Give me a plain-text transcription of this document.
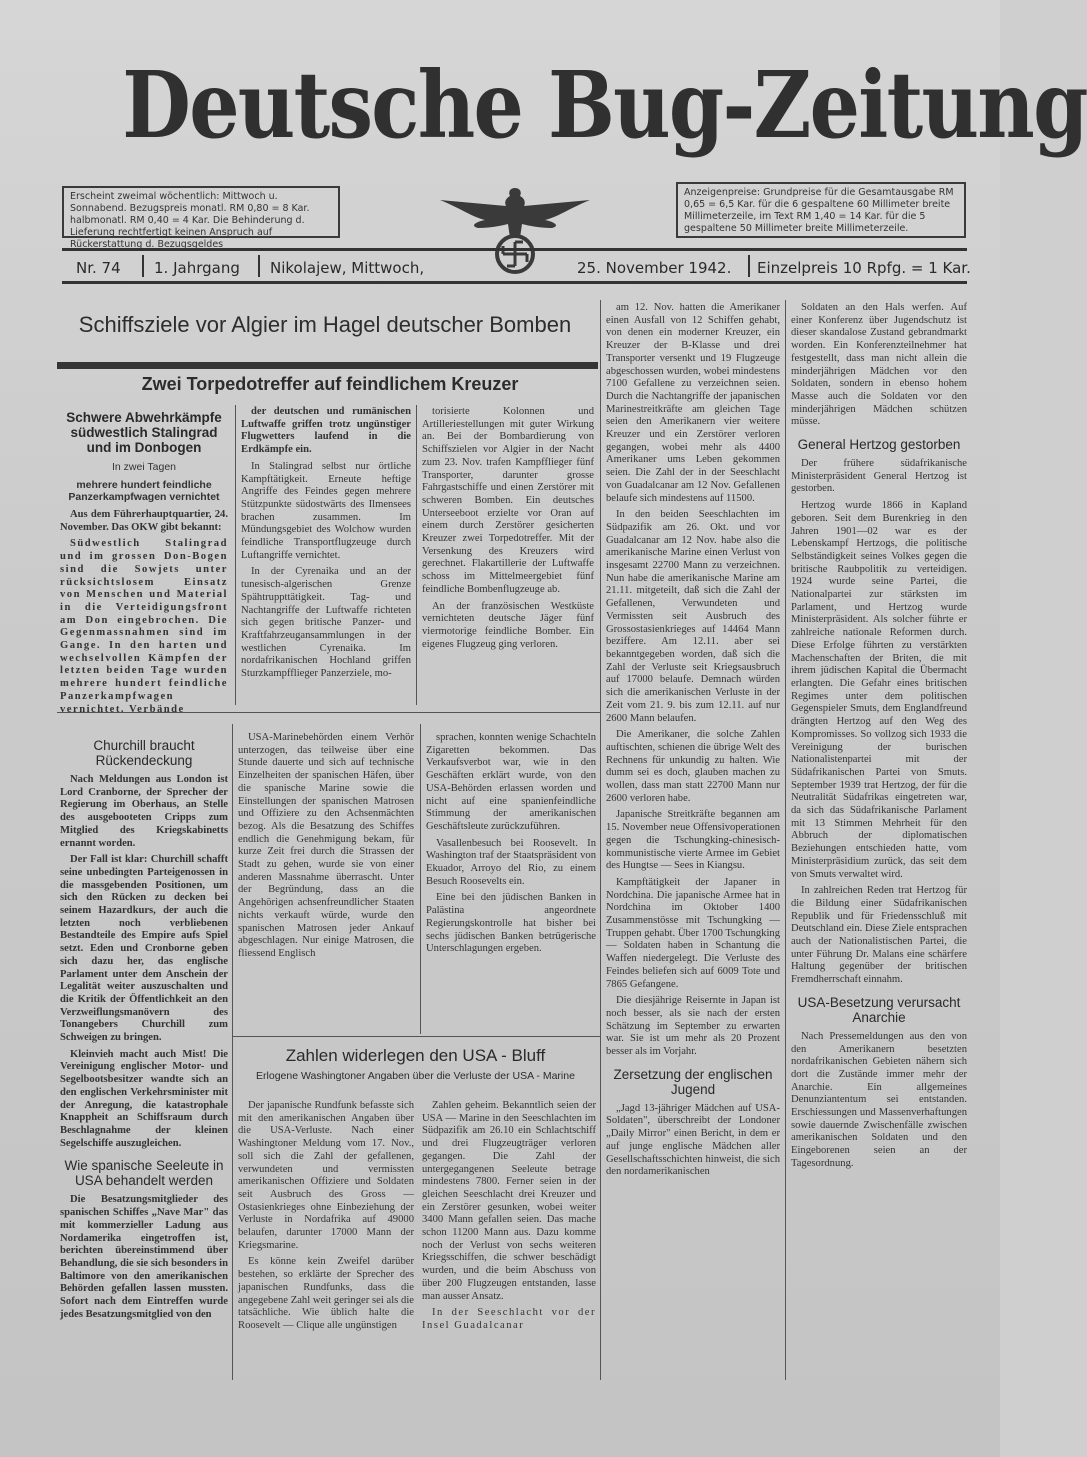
Deutsche Bug-Zeitung
Erscheint zweimal wöchentlich: Mittwoch u. Sonnabend. Bezugspreis monatl. RM 0,80 = 8 Kar. halbmonatl. RM 0,40 = 4 Kar. Die Behinderung d. Lieferung rechtfertigt keinen Anspruch auf Rückerstattung d. Bezugsgeldes
Anzeigenpreise: Grundpreise für die Gesamtausgabe RM 0,65 = 6,5 Kar. für die 6 gespaltene 60 Millimeter breite Millimeterzeile, im Text RM 1,40 = 14 Kar. für die 5 gespaltene 50 Millimeter breite Millimeterzeile.
Nr. 74 1. Jahrgang Nikolajew, Mittwoch,	25. November 1942. Einzelpreis 10 Rpfg. = 1 Kar.
Schiffsziele vor Algier im Hagel deutscher Bomben
Zwei Torpedotreffer auf feindlichem Kreuzer
Schwere Abwehrkämpfe südwestlich Stalingrad und im Donbogen
In zwei Tagen
mehrere hundert feindliche Panzerkampfwagen vernichtet

Aus dem Führerhauptquartier, 24. November. Das OKW gibt bekannt:

Südwestlich Stalingrad und im grossen Don-Bogen sind die Sowjets unter rücksichtslosem Einsatz von Menschen und Material in die Verteidigungsfront am Don eingebrochen. Die Gegenmassnahmen sind im Gange. In den harten und wechselvollen Kämpfen der letzten beiden Tage wurden mehrere hundert feindliche Panzerkampfwagen vernichtet. Verbände

der deutschen und rumänischen Luftwaffe griffen trotz ungünstiger Flugwetters laufend in die Erdkämpfe ein.

In Stalingrad selbst nur örtliche Kampftätigkeit. Erneute heftige Angriffe des Feindes gegen mehrere Stützpunkte südostwärts des Ilmensees brachen zusammen. Im Mündungsgebiet des Wolchow wurden feindliche Transportflugzeuge durch Luftangriffe vernichtet.

In der Cyrenaika und an der tunesisch-algerischen Grenze Spähtruppttätigkeit. Tag- und Nachtangriffe der Luftwaffe richteten sich gegen britische Panzer- und Kraftfahrzeugansammlungen in der westlichen Cyrenaika. Im nordafrikanischen Hochland griffen Sturzkampfflieger Panzerziele, mo-

torisierte Kolonnen und Artilleriestellungen mit guter Wirkung an. Bei der Bombardierung von Schiffszielen vor Algier in der Nacht zum 23. Nov. trafen Kampfflieger fünf Transporter, darunter grosse Fahrgastschiffe und einen Zerstörer mit schweren Bomben. Ein deutsches Unterseeboot erzielte vor Oran auf einem durch Zerstörer gesicherten Kreuzer zwei Torpedotreffer. Mit der Versenkung des Kreuzers wird gerechnet. Flakartillerie der Luftwaffe schoss im Mittelmeergebiet fünf feindliche Bombenflugzeuge ab.

An der französischen Westküste vernichteten deutsche Jäger fünf viermotorige feindliche Bomber. Ein eigenes Flugzeug ging verloren.

am 12. Nov. hatten die Amerikaner einen Ausfall von 12 Schiffen gehabt, von denen ein moderner Kreuzer, ein Kreuzer der B-Klasse und drei Transporter versenkt und 19 Flugzeuge abgeschossen wurden, wobei mindestens 7100 Gefallene zu verzeichnen seien. Durch die Nachtangriffe der japanischen Marinestreitkräfte am gleichen Tage seien den Amerikanern vier weitere Kreuzer und ein Zerstörer verloren gegangen, wobei mehr als 4400 Amerikaner ums Leben gekommen seien. Die Zahl der in der Seeschlacht von Guadalcanar am 12 Nov. Gefallenen belaufe sich mindestens auf 11500.

In den beiden Seeschlachten im Südpazifik am 26. Okt. und vor Guadalcanar am 12 Nov. habe also die amerikanische Marine einen Verlust von insgesamt 22700 Mann zu verzeichnen. Nun habe die amerikanische Marine am 21.11. mitgeteilt, daß sich die Zahl der Gefallenen, Verwundeten und Vermissten seit Ausbruch des Grossostasienkrieges auf 14464 Mann beziffere. Am 12.11. aber sei bekanntgegeben worden, daß sich die Zahl der Verluste seit Kriegsausbruch auf 17000 belaufe. Demnach würden sich die amerikanischen Verluste in der Zeit vom 21. 9. bis zum 12.11. auf nur 2600 Mann belaufen.

Die Amerikaner, die solche Zahlen auftischten, schienen die übrige Welt des Rechnens für unkundig zu halten. Wie dumm sei es doch, glauben machen zu wollen, dass man statt 22700 Mann nur 2600 verloren habe.

Japanische Streitkräfte begannen am 15. November neue Offensivoperationen gegen die Tschungking-chinesisch-kommunistische vierte Armee im Gebiet des Hungtse — Sees in Kiangsu.

Kampftätigkeit der Japaner in Nordchina. Die japanische Armee hat in Nordchina im Oktober 1400 Zusammenstösse mit Tschungking — Truppen gehabt. Über 1700 Tschungking — Soldaten haben in Schantung die Waffen niedergelegt. Die Verluste des Feindes beliefen sich auf 6009 Tote und 7865 Gefangene.

Die diesjährige Reisernte in Japan ist noch besser, als sie nach der ersten Schätzung im September zu erwarten war. Sie ist um mehr als 20 Prozent besser als im Vorjahr.

Zersetzung der englischen Jugend

„Jagd 13-jähriger Mädchen auf USA-Soldaten", überschreibt der Londoner „Daily Mirror" einen Bericht, in dem er auf junge englische Mädchen aller Gesellschaftsschichten hinweist, die sich den nordamerikanischen

Soldaten an den Hals werfen. Auf einer Konferenz über Jugendschutz ist dieser skandalose Zustand gebrandmarkt worden. Ein Konferenzteilnehmer hat festgestellt, dass man nicht allein die minderjährigen Mädchen vor den Soldaten, sondern in ebenso hohem Masse auch die Soldaten vor den minderjährigen Mädchen schützen müsse.

General Hertzog gestorben

Der frühere südafrikanische Ministerpräsident General Hertzog ist gestorben.

Hertzog wurde 1866 in Kapland geboren. Seit dem Burenkrieg in den Jahren 1901—02 war es der Lebenskampf Hertzogs, die politische Selbständigkeit seines Volkes gegen die britische Raubpolitik zu verteidigen. 1924 wurde seine Partei, die Nationalpartei zur stärksten im Parlament, und Hertzog wurde Ministerpräsident. Als solcher führte er zahlreiche nationale Reformen durch. Diese Erfolge führten zu verstärkten Machenschaften der Briten, die mit ihrem jüdischen Kapital die Übermacht erlangten. Die Gefahr eines britischen Regimes unter dem politischen Gegenspieler Smuts, dem Englandfreund drängten Hertzog auf den Weg des Kompromisses. So vollzog sich 1933 die Vereinigung der burischen Nationalistenpartei mit der Südafrikanischen Partei von Smuts. September 1939 trat Hertzog, der für die Neutralität Südafrikas eingetreten war, da sich das Südafrikanische Parlament mit 13 Stimmen Mehrheit für den Abbruch der diplomatischen Beziehungen entschieden hatte, vom Ministerpräsidium zurück, das seit dem von Smuts verwaltet wird.

In zahlreichen Reden trat Hertzog für die Bildung einer Südafrikanischen Republik und für Friedensschluß mit Deutschland ein. Diese Ziele entsprachen auch der Nationalistischen Partei, die unter Führung Dr. Malans eine schärfere Haltung gegenüber der britischen Fremdherrschaft einnahm.

USA-Besetzung verursacht Anarchie

Nach Pressemeldungen aus den von den Amerikanern besetzten nordafrikanischen Gebieten nähern sich dort die Zustände immer mehr der Anarchie. Ein allgemeines Denunziantentum sei entstanden. Erschiessungen und Massenverhaftungen sowie dauernde Zwischenfälle zwischen amerikanischen Soldaten und den Eingeborenen seien an der Tagesordnung.

Churchill braucht Rückendeckung

Nach Meldungen aus London ist Lord Cranborne, der Sprecher der Regierung im Oberhaus, an Stelle des ausgebooteten Cripps zum Mitglied des Kriegskabinetts ernannt worden.

Der Fall ist klar: Churchill schafft seine unbedingten Parteigenossen in die massgebenden Positionen, um sich den Rücken zu decken bei seinem Hazardkurs, der auch die letzten noch verbliebenen Bestandteile des Empire aufs Spiel setzt. Eden und Cronborne geben sich dazu her, das englische Parlament unter dem Anschein der Legalität weiter auszuschalten und die Kritik der Öffentlichkeit an den Verzweiflungsmanövern des Tonangebers Churchill zum Schweigen zu bringen.

Kleinvieh macht auch Mist! Die Vereinigung englischer Motor- und Segelbootsbesitzer wandte sich an den englischen Verkehrsminister mit der Anregung, die katastrophale Knappheit an Schiffsraum durch Beschlagnahme der kleinen Segelschiffe auszugleichen.

Wie spanische Seeleute in USA behandelt werden

Die Besatzungsmitglieder des spanischen Schiffes „Nave Mar" das mit kommerzieller Ladung aus Nordamerika eingetroffen ist, berichten übereinstimmend über Behandlung, die sie sich besonders in Baltimore von den amerikanischen Behörden gefallen lassen mussten. Sofort nach dem Eintreffen wurde jedes Besatzungsmitglied von den

USA-Marinebehörden einem Verhör unterzogen, das teilweise über eine Stunde dauerte und sich auf technische Einzelheiten der spanischen Häfen, über die spanische Marine sowie die Einstellungen der spanischen Matrosen und Offiziere zu den Achsenmächten bezog. Als die Besatzung des Schiffes endlich die Genehmigung bekam, für kurze Zeit frei durch die Strassen der Stadt zu gehen, wurde sie von einer anderen Massnahme überrascht. Unter der Begründung, dass an die Angehörigen achsenfreundlicher Staaten nichts verkauft würde, wurde den spanischen Matrosen jeder Ankauf abgeschlagen. Nur einige Matrosen, die fliessend Englisch

sprachen, konnten wenige Schachteln Zigaretten bekommen. Das Verkaufsverbot war, wie in den Geschäften erklärt wurde, von den USA-Behörden erlassen worden und nicht auf eine spanienfeindliche Stimmung der amerikanischen Geschäftsleute zurückzuführen.

Vasallenbesuch bei Roosevelt. In Washington traf der Staatspräsident von Ekuador, Arroyo del Rio, zu einem Besuch Roosevelts ein.

Eine bei den jüdischen Banken in Palästina angeordnete Regierungskontrolle hat bisher bei sechs jüdischen Banken betrügerische Unterschlagungen ergeben.

Zahlen widerlegen den USA - Bluff
Erlogene Washingtoner Angaben über die Verluste der USA - Marine

Der japanische Rundfunk befasste sich mit den amerikanischen Angaben über die USA-Verluste. Nach einer Washingtoner Meldung vom 17. Nov., soll sich die Zahl der gefallenen, verwundeten und vermissten amerikanischen Offiziere und Soldaten seit Ausbruch des Gross — Ostasienkrieges ohne Einbeziehung der Verluste in Nordafrika auf 49000 belaufen, darunter 17000 Mann der Kriegsmarine.

Es könne kein Zweifel darüber bestehen, so erklärte der Sprecher des japanischen Rundfunks, dass die angegebene Zahl weit geringer sei als die tatsächliche. Wie üblich halte die Roosevelt — Clique alle ungünstigen

Zahlen geheim. Bekanntlich seien der USA — Marine in den Seeschlachten im Südpazifik am 26.10 ein Schlachtschiff und drei Flugzeugträger verloren gegangen. Die Zahl der untergegangenen Seeleute betrage mindestens 7800. Ferner seien in der gleichen Seeschlacht drei Kreuzer und ein Zerstörer gesunken, wobei weiter 3400 Mann gefallen seien. Das mache schon 11200 Mann aus. Dazu komme noch der Verlust von sechs weiteren Kriegsschiffen, die schwer beschädigt wurden, und die beim Abschuss von über 200 Flugzeugen entstanden, lasse man ausser Ansatz.

In der Seeschlacht vor der Insel Guadalcanar
